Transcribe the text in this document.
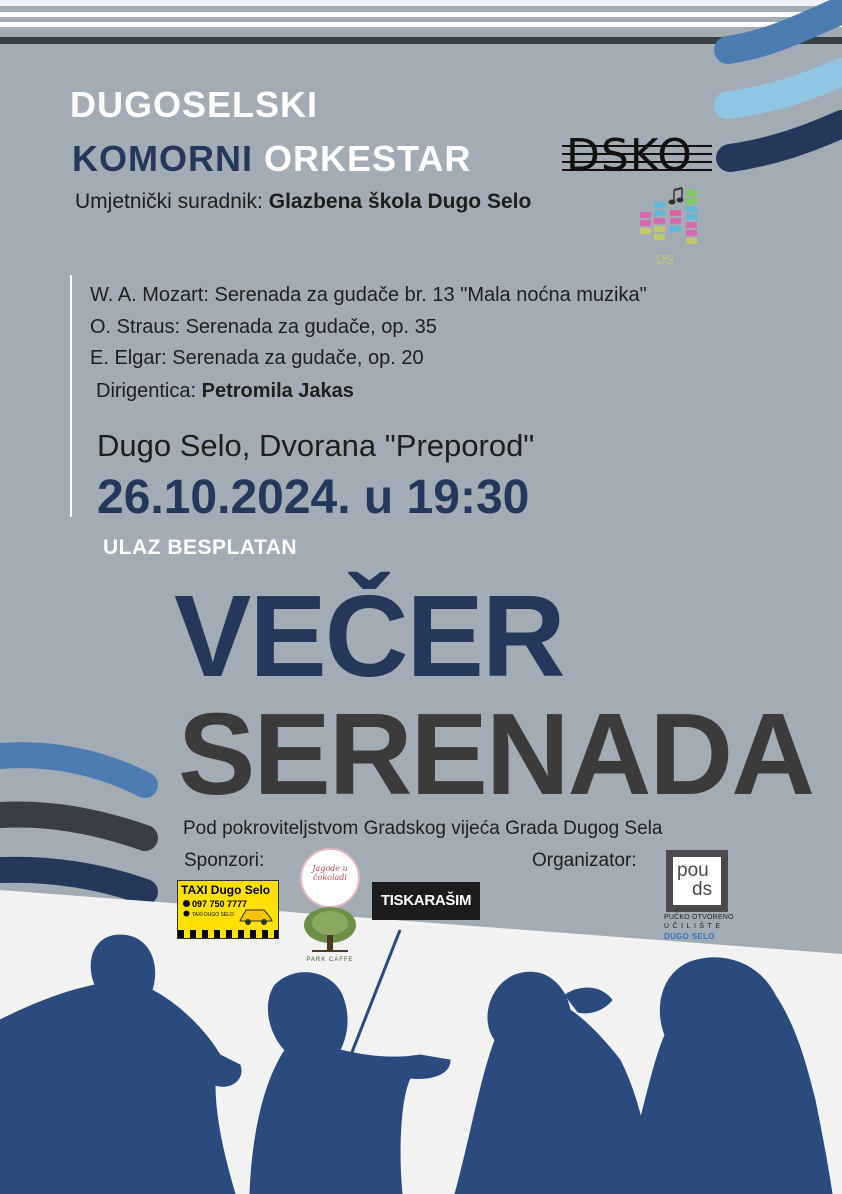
DUGOSELSKI
KOMORNI ORKESTAR
Umjetnički suradnik: Glazbena škola Dugo Selo
DSKO
DS
W. A. Mozart: Serenada za gudače br. 13 "Mala noćna muzika"
O. Straus: Serenada za gudače, op. 35
E. Elgar: Serenada za gudače, op. 20
Dirigentica: Petromila Jakas
Dugo Selo, Dvorana "Preporod"
26.10.2024. u 19:30
ULAZ BESPLATAN
VEČER
SERENADA
Pod pokroviteljstvom Gradskog vijeća Grada Dugog Sela
Sponzori:	Organizator:
TAXI Dugo Selo
097 750 7777
TAXI DUGO SELO
Jagode u čokoladi
PARK CAFFE
TISKARAŠIM
pou
ds
PUČKO OTVORENO
UČILIŠTE
DUGO SELO
